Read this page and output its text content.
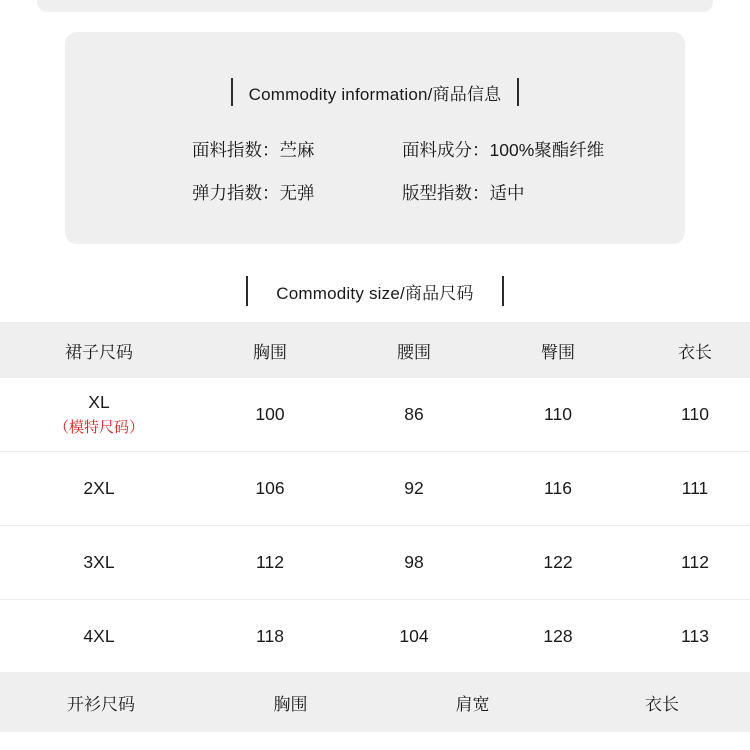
Commodity information/商品信息
面料指数：苎麻	面料成分：100%聚酯纤维
弹力指数：无弹	版型指数：适中
Commodity size/商品尺码
裙子尺码	胸围	腰围	臀围	衣长

XL
（模特尺码）	100	86	110	110

2XL	106	92	116	111

3XL	112	98	122	112

4XL	118	104	128	113
开衫尺码	胸围	肩宽	衣长
